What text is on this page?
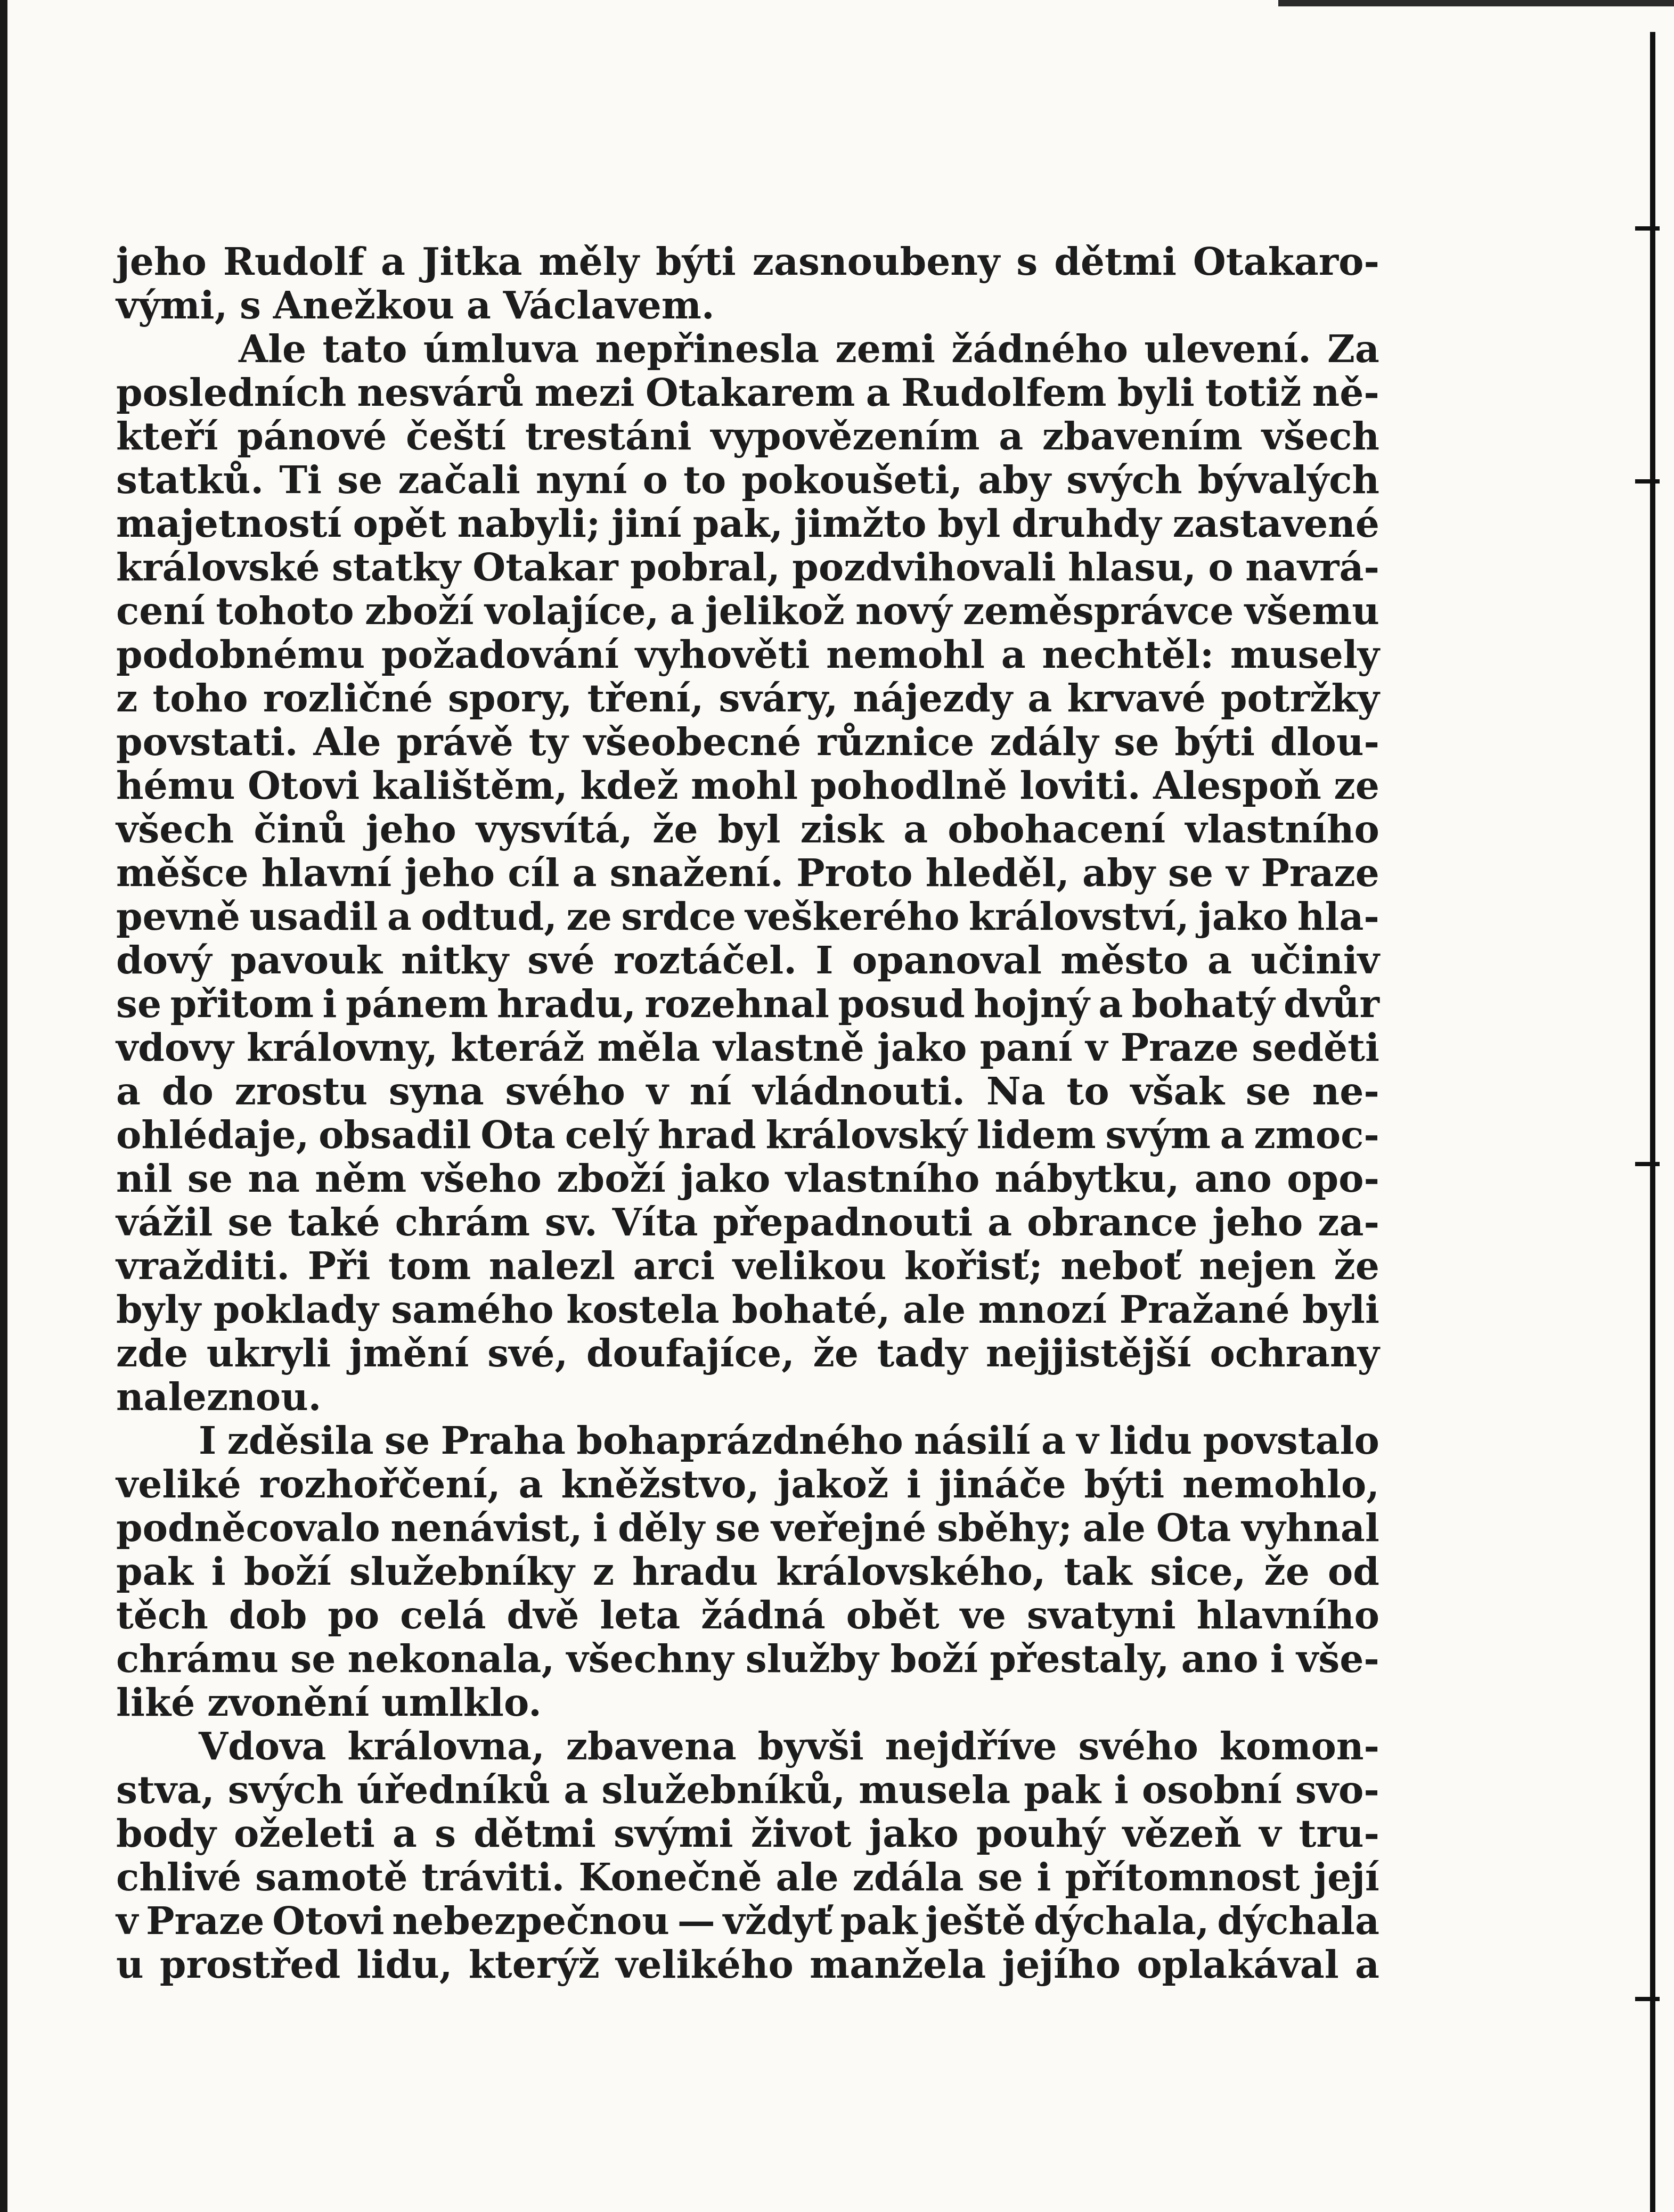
jeho Rudolf a Jitka měly býti zasnoubeny s dětmi Otakaro-
vými, s Anežkou a Václavem.
Ale tato úmluva nepřinesla zemi žádného ulevení. Za
posledních nesvárů mezi Otakarem a Rudolfem byli totiž ně-
kteří pánové čeští trestáni vypovězením a zbavením všech
statků. Ti se začali nyní o to pokoušeti, aby svých bývalých
majetností opět nabyli; jiní pak, jimžto byl druhdy zastavené
královské statky Otakar pobral, pozdvihovali hlasu, o navrá-
cení tohoto zboží volajíce, a jelikož nový zeměsprávce všemu
podobnému požadování vyhověti nemohl a nechtěl: musely
z toho rozličné spory, tření, sváry, nájezdy a krvavé potržky
povstati. Ale právě ty všeobecné různice zdály se býti dlou-
hému Otovi kalištěm, kdež mohl pohodlně loviti. Alespoň ze
všech činů jeho vysvítá, že byl zisk a obohacení vlastního
měšce hlavní jeho cíl a snažení. Proto hleděl, aby se v Praze
pevně usadil a odtud, ze srdce veškerého království, jako hla-
dový pavouk nitky své roztáčel. I opanoval město a učiniv
se přitom i pánem hradu, rozehnal posud hojný a bohatý dvůr
vdovy královny, kteráž měla vlastně jako paní v Praze seděti
a do zrostu syna svého v ní vládnouti. Na to však se ne-
ohlédaje, obsadil Ota celý hrad královský lidem svým a zmoc-
nil se na něm všeho zboží jako vlastního nábytku, ano opo-
vážil se také chrám sv. Víta přepadnouti a obrance jeho za-
vražditi. Při tom nalezl arci velikou kořisť; neboť nejen že
byly poklady samého kostela bohaté, ale mnozí Pražané byli
zde ukryli jmění své, doufajíce, že tady nejjistější ochrany
naleznou.
I zděsila se Praha bohaprázdného násilí a v lidu povstalo
veliké rozhořčení, a kněžstvo, jakož i jináče býti nemohlo,
podněcovalo nenávist, i děly se veřejné sběhy; ale Ota vyhnal
pak i boží služebníky z hradu královského, tak sice, že od
těch dob po celá dvě leta žádná obět ve svatyni hlavního
chrámu se nekonala, všechny služby boží přestaly, ano i vše-
liké zvonění umlklo.
Vdova královna, zbavena byvši nejdříve svého komon-
stva, svých úředníků a služebníků, musela pak i osobní svo-
body oželeti a s dětmi svými život jako pouhý vězeň v tru-
chlivé samotě tráviti. Konečně ale zdála se i přítomnost její
v Praze Otovi nebezpečnou — vždyť pak ještě dýchala, dýchala
u prostřed lidu, kterýž velikého manžela jejího oplakával a
